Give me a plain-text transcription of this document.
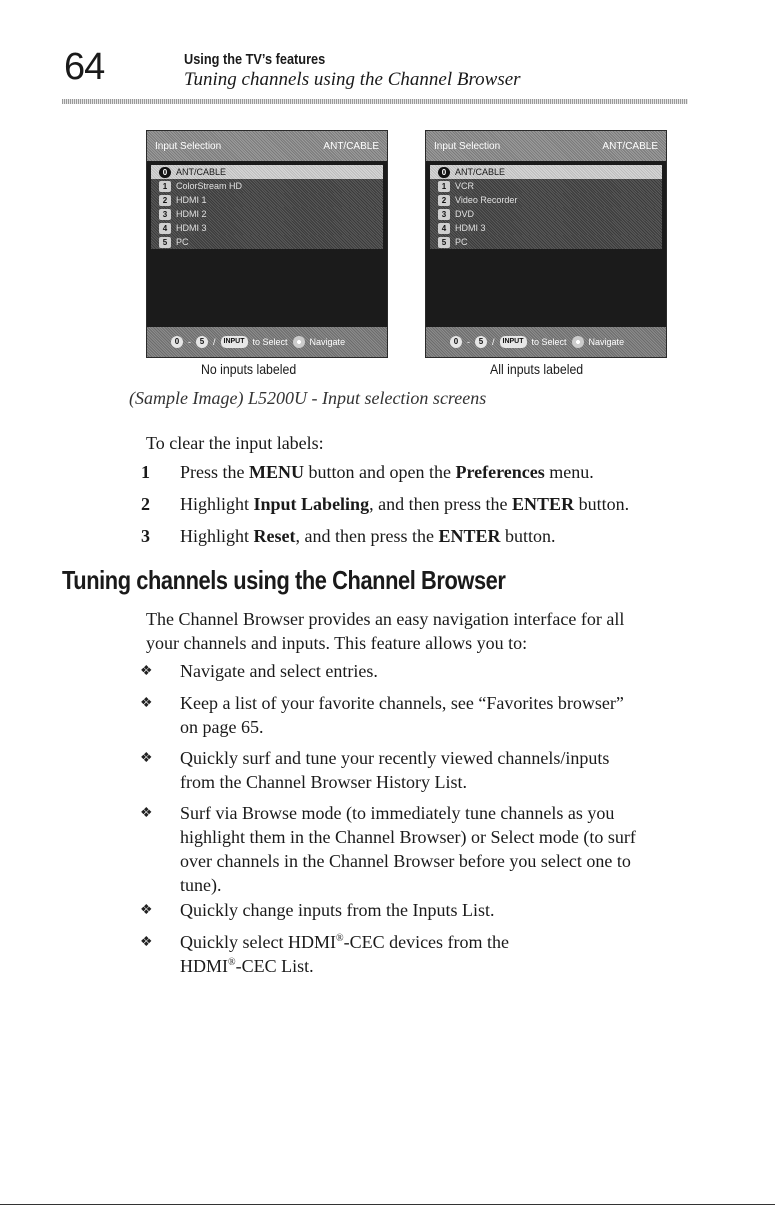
64	Using the TV’s features
Tuning channels using the Channel Browser
Input Selection	ANT/CABLE
0 ANT/CABLE
1 ColorStream HD
2 HDMI 1
3 HDMI 2
4 HDMI 3
5 PC
0 -	5 /	INPUT to Select Navigate
Input Selection	ANT/CABLE
0 ANT/CABLE
1 VCR
2 Video Recorder
3 DVD
4 HDMI 3
5 PC
0 -	5 /	INPUT to Select Navigate
No inputs labeled	All inputs labeled
(Sample Image) L5200U - Input selection screens
To clear the input labels:
1 Press the MENU button and open the Preferences menu.
2 Highlight Input Labeling, and then press the ENTER button.
3 Highlight Reset, and then press the ENTER button.
Tuning channels using the Channel Browser
The Channel Browser provides an easy navigation interface for all
your channels and inputs. This feature allows you to:
❖ Navigate and select entries.
❖ Keep a list of your favorite channels, see “Favorites browser”
on page 65.
❖ Quickly surf and tune your recently viewed channels/inputs
from the Channel Browser History List.
❖ Surf via Browse mode (to immediately tune channels as you
highlight them in the Channel Browser) or Select mode (to surf
over channels in the Channel Browser before you select one to
tune).
❖ Quickly change inputs from the Inputs List.
❖ Quickly select HDMI®-CEC devices from the
HDMI®-CEC List.
